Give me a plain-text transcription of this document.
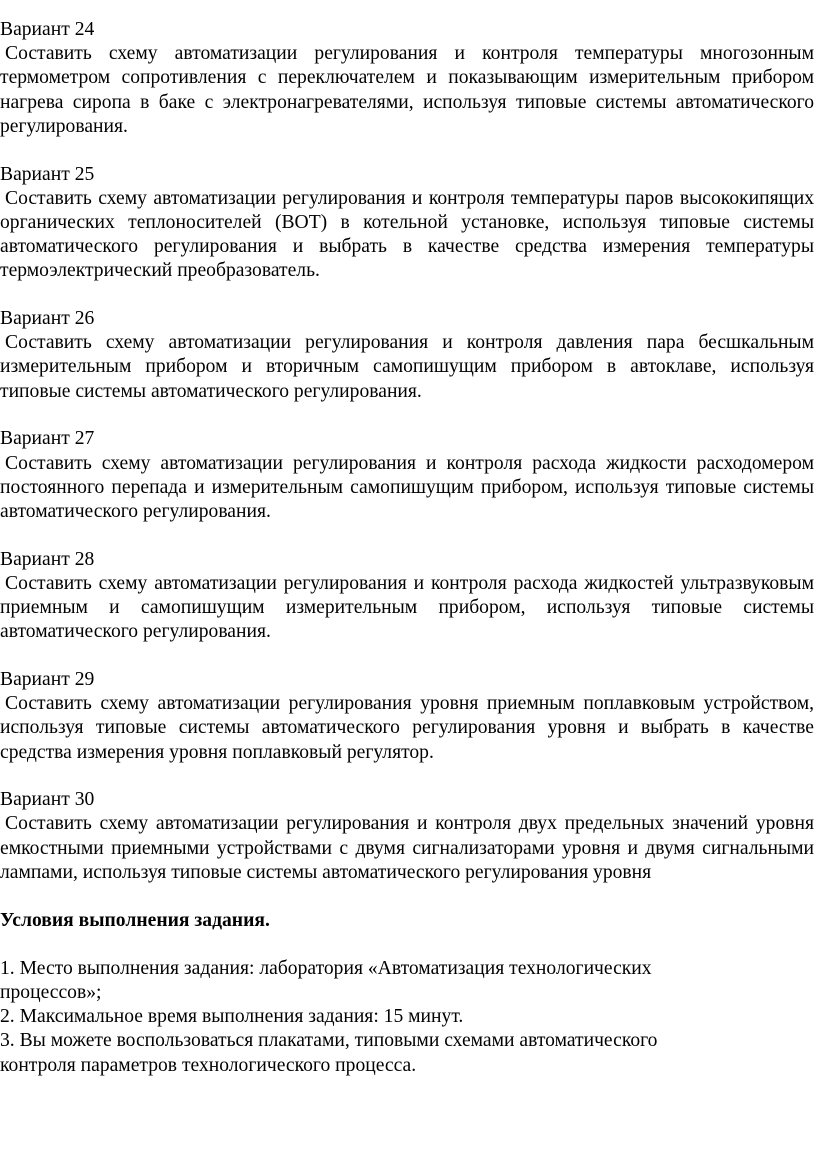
Вариант 24
Составить схему автоматизации регулирования и контроля температуры многозонным термометром сопротивления с переключателем и показывающим измерительным прибором нагрева сиропа в баке с электронагревателями, используя типовые системы автоматического регулирования.
Вариант 25
Составить схему автоматизации регулирования и контроля температуры паров высококипящих органических теплоносителей (ВОТ) в котельной установке, используя типовые системы автоматического регулирования и выбрать в качестве средства измерения температуры термоэлектрический преобразователь.
Вариант 26
Составить схему автоматизации регулирования и контроля давления пара бесшкальным измерительным прибором и вторичным самопишущим прибором в автоклаве, используя типовые системы автоматического регулирования.
Вариант 27
Составить схему автоматизации регулирования и контроля расхода жидкости расходомером постоянного перепада и измерительным самопишущим прибором, используя типовые системы автоматического регулирования.
Вариант 28
Составить схему автоматизации регулирования и контроля расхода жидкостей ультразвуковым приемным и самопишущим измерительным прибором, используя типовые системы автоматического регулирования.
Вариант 29
Составить схему автоматизации регулирования уровня приемным поплавковым устройством, используя типовые системы автоматического регулирования уровня и выбрать в качестве средства измерения уровня поплавковый регулятор.
Вариант 30
Составить схему автоматизации регулирования и контроля двух предельных значений уровня емкостными приемными устройствами с двумя сигнализаторами уровня и двумя сигнальными лампами, используя типовые системы автоматического регулирования уровня
Условия выполнения задания.
1. Место выполнения задания: лаборатория «Автоматизация технологических процессов»;
2. Максимальное время выполнения задания: 15 минут.
3. Вы можете воспользоваться плакатами, типовыми схемами автоматического контроля параметров технологического процесса.
